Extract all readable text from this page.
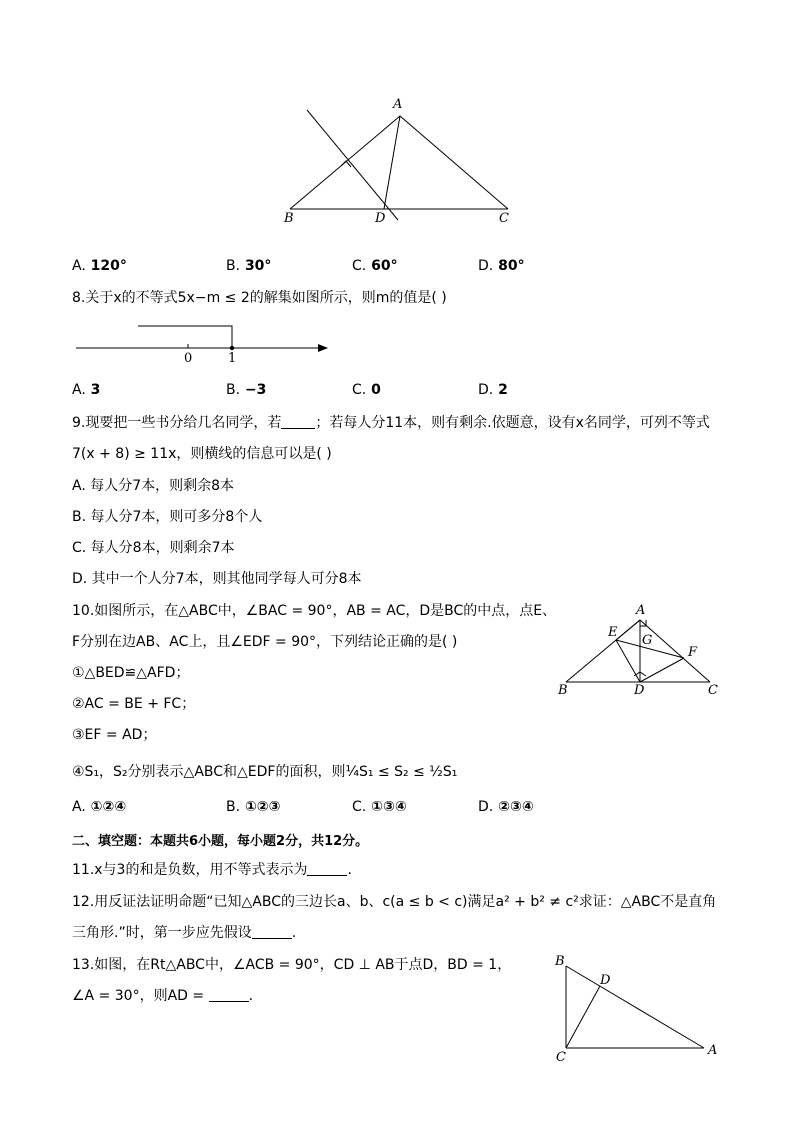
A
B	D	C
A. 120°	B. 30°	C. 60°	D. 80°
8.关于x的不等式5x−m ≤ 2的解集如图所示，则m的值是( )
0	1
A. 3	B. −3	C. 0	D. 2
9.现要把一些书分给几名同学，若 ；若每人分11本，则有剩余.依题意，设有x名同学，可列不等式
7(x + 8) ≥ 11x，则横线的信息可以是( )
A. 每人分7本，则剩余8本
B. 每人分7本，则可多分8个人
C. 每人分8本，则剩余7本
D. 其中一个人分7本，则其他同学每人可分8本
10.如图所示，在△ABC中，∠BAC = 90°，AB = AC，D是BC的中点，点E、
F分别在边AB、AC上，且∠EDF = 90°，下列结论正确的是( )
①△BED≌△AFD；
②AC = BE + FC；
③EF = AD；
④S₁，S₂分别表示△ABC和△EDF的面积，则¼S₁ ≤ S₂ ≤ ½S₁
A
E
G
F
B	D	C
A. ①②④	B. ①②③	C. ①③④	D. ②③④
二、填空题：本题共6小题，每小题2分，共12分。
11.x与3的和是负数，用不等式表示为	.
12.用反证法证明命题“已知△ABC的三边长a、b、c(a ≤ b < c)满足a² + b² ≠ c²求证：△ABC不是直角
三角形.”时，第一步应先假设	.
13.如图，在Rt△ABC中，∠ACB = 90°，CD ⊥ AB于点D，BD = 1，
∠A = 30°，则AD =	.
B
D
C	A
